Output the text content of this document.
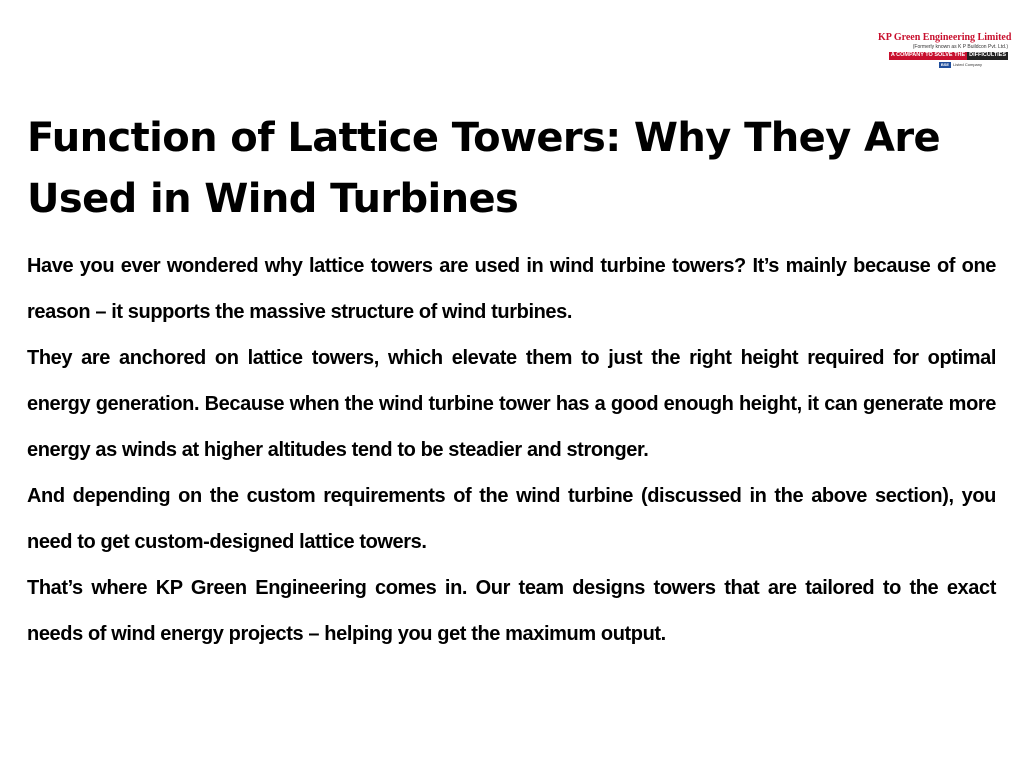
KP Green Engineering Limited
(Formerly known as K P Buildcon Pvt. Ltd.)
A COMPANY TO SOLVE THE DIFFICULTIES
BSE	Listed Company
Function of Lattice Towers: Why They Are Used in Wind Turbines

Have you ever wondered why lattice towers are used in wind turbine towers? It’s mainly because of one reason – it supports the massive structure of wind turbines.

They are anchored on lattice towers, which elevate them to just the right height required for optimal energy generation. Because when the wind turbine tower has a good enough height, it can generate more energy as winds at higher altitudes tend to be steadier and stronger.

And depending on the custom requirements of the wind turbine (discussed in the above section), you need to get custom-designed lattice towers.

That’s where KP Green Engineering comes in. Our team designs towers that are tailored to the exact needs of wind energy projects – helping you get the maximum output.
